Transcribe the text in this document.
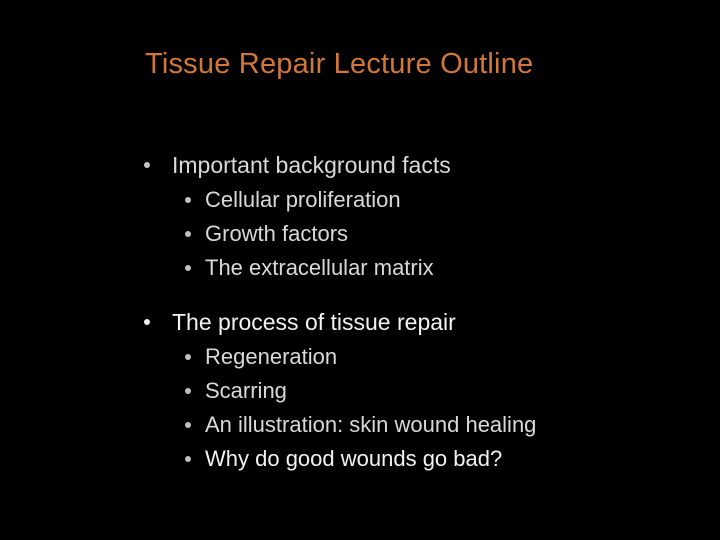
Tissue Repair Lecture Outline
Important background facts
Cellular proliferation
Growth factors
The extracellular matrix
The process of tissue repair
Regeneration
Scarring
An illustration: skin wound healing
Why do good wounds go bad?
